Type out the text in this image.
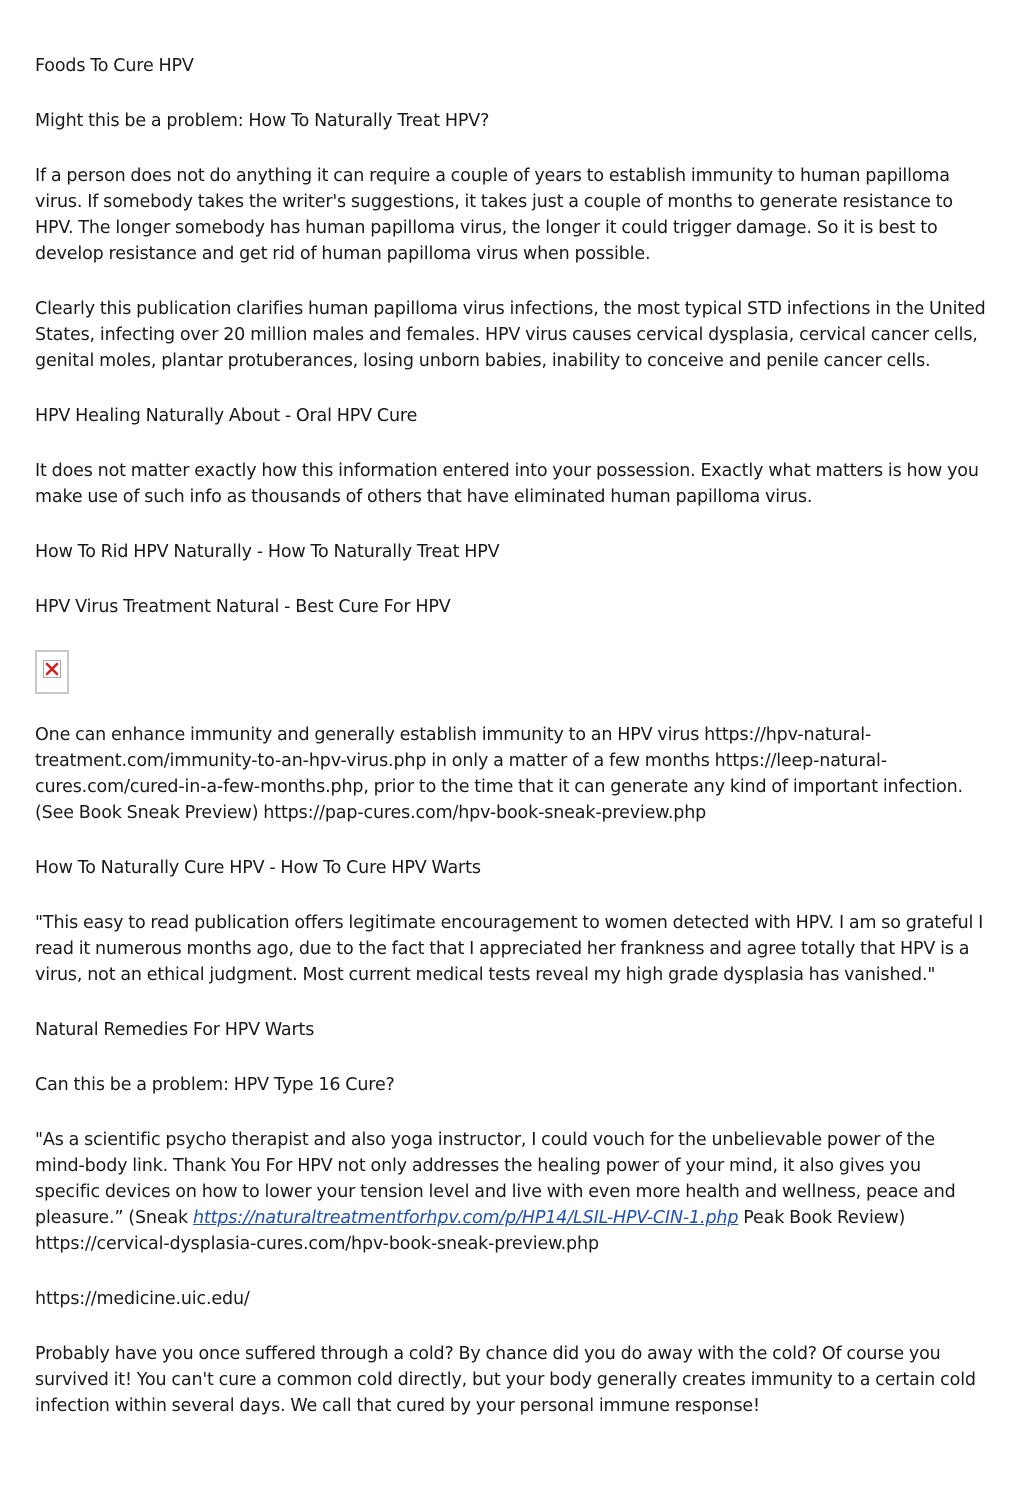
Foods To Cure HPV

Might this be a problem: How To Naturally Treat HPV?

If a person does not do anything it can require a couple of years to establish immunity to human papilloma virus. If somebody takes the writer's suggestions, it takes just a couple of months to generate resistance to HPV. The longer somebody has human papilloma virus, the longer it could trigger damage. So it is best to develop resistance and get rid of human papilloma virus when possible.

Clearly this publication clarifies human papilloma virus infections, the most typical STD infections in the United States, infecting over 20 million males and females. HPV virus causes cervical dysplasia, cervical cancer cells, genital moles, plantar protuberances, losing unborn babies, inability to conceive and penile cancer cells.

HPV Healing Naturally About - Oral HPV Cure

It does not matter exactly how this information entered into your possession. Exactly what matters is how you make use of such info as thousands of others that have eliminated human papilloma virus.

How To Rid HPV Naturally - How To Naturally Treat HPV

HPV Virus Treatment Natural - Best Cure For HPV

One can enhance immunity and generally establish immunity to an HPV virus https://hpv-natural-treatment.com/immunity-to-an-hpv-virus.php in only a matter of a few months https://leep-natural-cures.com/cured-in-a-few-months.php, prior to the time that it can generate any kind of important infection. (See Book Sneak Preview) https://pap-cures.com/hpv-book-sneak-preview.php

How To Naturally Cure HPV - How To Cure HPV Warts

"This easy to read publication offers legitimate encouragement to women detected with HPV. I am so grateful I read it numerous months ago, due to the fact that I appreciated her frankness and agree totally that HPV is a virus, not an ethical judgment. Most current medical tests reveal my high grade dysplasia has vanished."

Natural Remedies For HPV Warts

Can this be a problem: HPV Type 16 Cure?

"As a scientific psycho therapist and also yoga instructor, I could vouch for the unbelievable power of the mind-body link. Thank You For HPV not only addresses the healing power of your mind, it also gives you specific devices on how to lower your tension level and live with even more health and wellness, peace and pleasure.” (Sneak https://naturaltreatmentforhpv.com/p/HP14/LSIL-HPV-CIN-1.php Peak Book Review) https://cervical-dysplasia-cures.com/hpv-book-sneak-preview.php

https://medicine.uic.edu/

Probably have you once suffered through a cold? By chance did you do away with the cold? Of course you survived it! You can't cure a common cold directly, but your body generally creates immunity to a certain cold infection within several days. We call that cured by your personal immune response!
